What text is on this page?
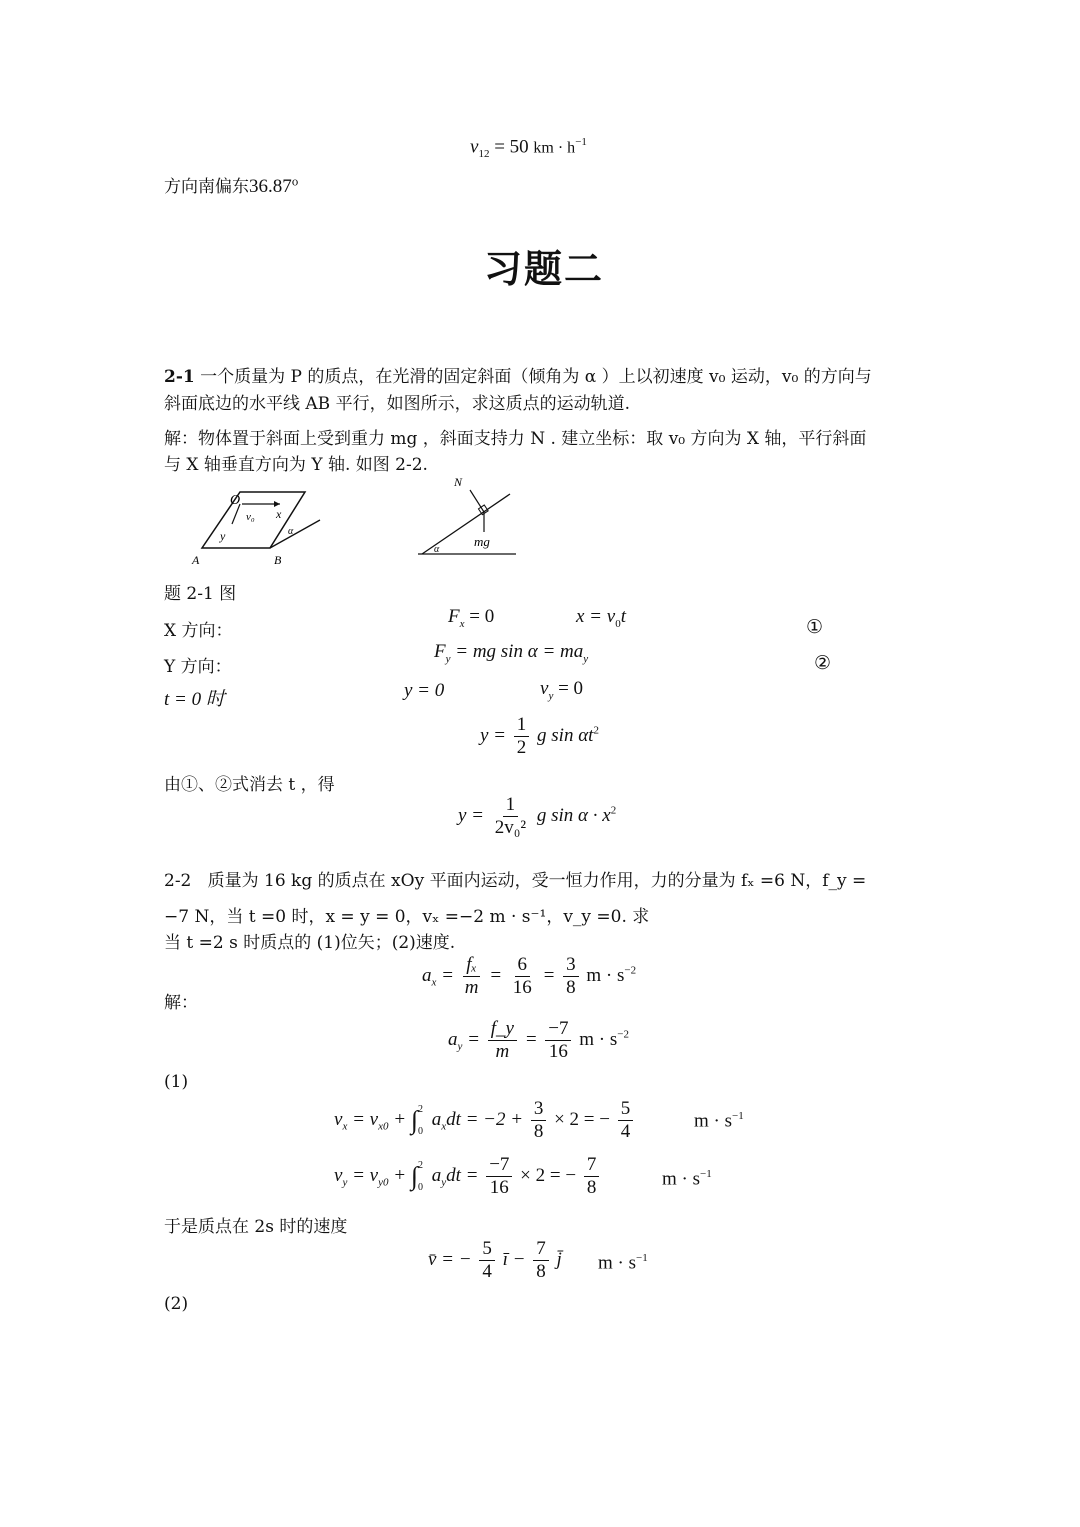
$v_{12} = 50$ km · $h^{-1}$
方向南偏东36.87$^o$
习题二
2-1 一个质量为 P 的质点，在光滑的固定斜面（倾角为 α ）上以初速度 v₀ 运动，v₀ 的方向与
斜面底边的水平线 AB 平行，如图所示，求这质点的运动轨道.
解：物体置于斜面上受到重力 mg ，斜面支持力 N . 建立坐标：取 v₀ 方向为 X 轴，平行斜面
与 X 轴垂直方向为 Y 轴. 如图 2-2.
O
v₀ x
y
A	B
α
N
mg
α
题 2-1 图
X 方向：
$F_x = 0$	$x = v_0t$	①
Y 方向：
$F_y$ = mg $\sin \alpha = ma_y$	②
t = 0 时	y = 0	$v_y = 0$
$y = \frac{1}{2}$ g $\sin \alpha t^2$
由①、②式消去 t ，得
$y = \frac{1}{\text{2v₀²}}$ g $\sin \alpha \cdot x^2$
2-2 质量为 16 kg 的质点在 xOy 平面内运动，受一恒力作用，力的分量为 fₓ =6 N，f_y =
−7 N，当 t =0 时，x = y = 0，vₓ =−2 m · s⁻¹，v_y =0. 求
当 t =2 s 时质点的 (1)位矢；(2)速度.
解：
$a_x = \frac{\text{fₓ}}{m} = \frac{6}{16} = \frac{3}{8}$ $m \cdot s^{-2}$
$a_y = \frac{f\_y}{m} = \frac{-7}{16}$ $m \cdot s^{-2}$
(1)
$v_x = v_{x0}$ + ∫ 2
0
$a_xdt = -2 + \frac{3}{8} \times 2$ = − $\frac{5}{4}$	$m \cdot s^{-1}$
$v_y = v_{y0}$ + ∫ 2
0
$a_ydt = \frac{-7}{16} \times 2$ = − $\frac{7}{8}$	$m \cdot s^{-1}$
于是质点在 2s 时的速度
v̄ = − $\frac{5}{4}$ ī − $\frac{7}{8}$ j̄ $m \cdot s^{-1}$
(2)
